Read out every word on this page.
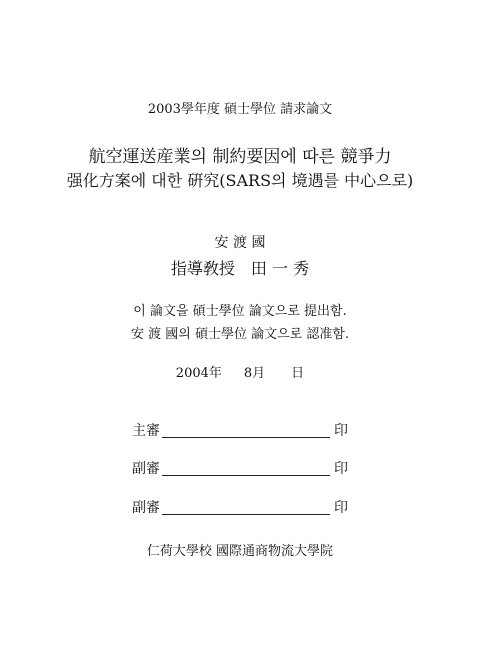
2003學年度 碩士學位 請求論文
航空運送産業의 制約要因에 따른 競爭力
强化方案에 대한 硏究(SARS의 境遇를 中心으로)
安 渡 國
指導敎授　田 一 秀
이 論文을 碩士學位 論文으로 提出함.
安 渡 國의 碩士學位 論文으로 認准함.
2004年 8月 日
主審	印
副審	印
副審	印
仁荷大學校 國際通商物流大學院
